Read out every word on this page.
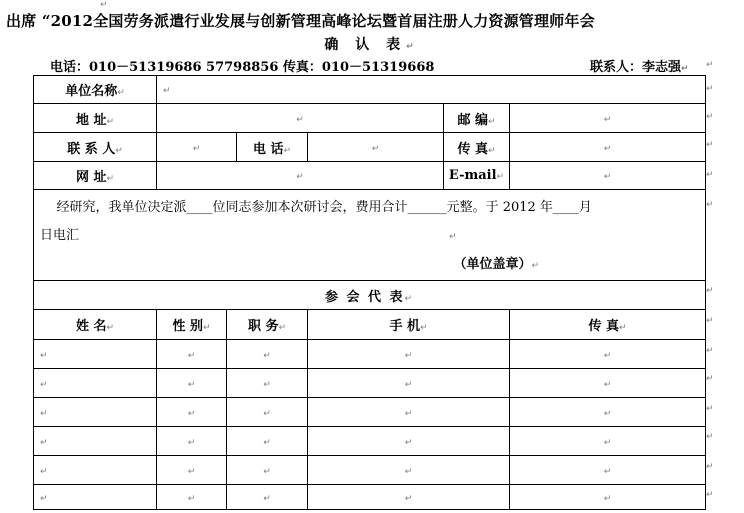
↵
出席 “2012全国劳务派遣行业发展与创新管理高峰论坛暨首届注册人力资源管理师年会
确 认 表↵
电话：010－51319686 57798856 传真：010－51319668	联系人：李志强↵
单位名称↵	↵					
地 址↵	↵				邮 编↵	↵
联 系 人↵	↵		电 话↵	↵	传 真↵	↵
网 址↵	↵				E-mail↵	↵

经研究，我单位决定派____位同志参加本次研讨会，费用合计______元整。于 2012 年____月
日电汇 ↵
（单位盖章）↵						

参 会 代 表↵						
姓 名↵	性 别↵	职 务↵		手 机↵		传 真↵
↵	↵	↵		↵		↵
↵	↵	↵		↵		↵
↵	↵	↵		↵		↵
↵	↵	↵		↵		↵
↵	↵	↵		↵		↵
↵	↵	↵		↵		↵
↵
↵
↵
↵
↵
↵
↵
↵
↵
↵
↵
↵
↵
↵
